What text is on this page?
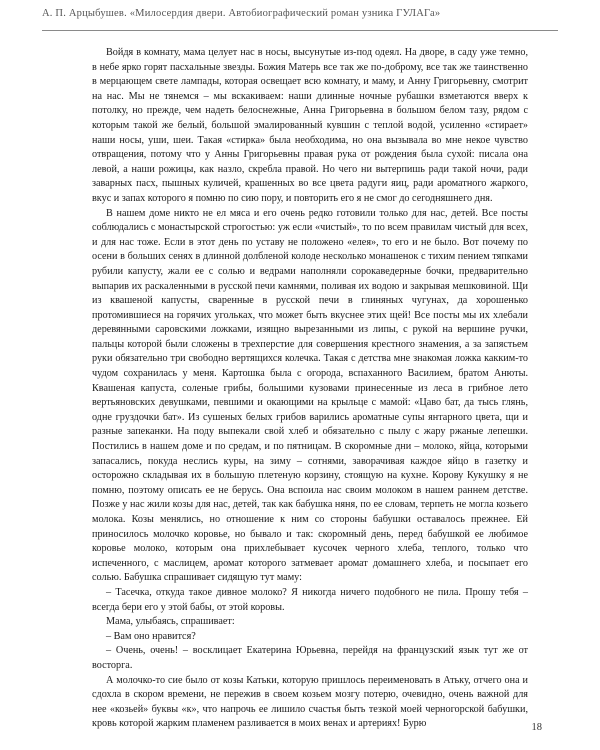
А. П. Арцыбушев. «Милосердия двери. Автобиографический роман узника ГУЛАГа»

Войдя в комнату, мама целует нас в носы, высунутые из-под одеял. На дворе, в саду уже темно, в небе ярко горят пасхальные звезды. Божия Матерь все так же по-доброму, все так же таинственно в мерцающем свете лампады, которая освещает всю комнату, и маму, и Анну Григорьевну, смотрит на нас. Мы не тянемся – мы вскакиваем: наши длинные ночные рубашки взметаются вверх к потолку, но прежде, чем надеть белоснежные, Анна Григорьевна в большом белом тазу, рядом с которым такой же белый, большой эмалированный кувшин с теплой водой, усиленно «стирает» наши носы, уши, шеи. Такая «стирка» была необходима, но она вызывала во мне некое чувство отвращения, потому что у Анны Григорьевны правая рука от рождения была сухой: писала она левой, а наши рожицы, как назло, скребла правой. Но чего ни вытерпишь ради такой ночи, ради заварных пасх, пышных куличей, крашенных во все цвета радуги яиц, ради ароматного жаркого, вкус и запах которого я помню по сию пору, и повторить его я не смог до сегодняшнего дня.

В нашем доме никто не ел мяса и его очень редко готовили только для нас, детей. Все посты соблюдались с монастырской строгостью: уж если «чистый», то по всем правилам чистый для всех, и для нас тоже. Если в этот день по уставу не положено «елея», то его и не было. Вот почему по осени в больших сенях в длинной долбленой колоде несколько монашенок с тихим пением тяпками рубили капусту, жали ее с солью и ведрами наполняли сорокаведерные бочки, предварительно выпарив их раскаленными в русской печи камнями, поливая их водою и закрывая мешковиной. Щи из квашеной капусты, сваренные в русской печи в глиняных чугунах, да хорошенько протомившиеся на горячих угольках, что может быть вкуснее этих щей! Все посты мы их хлебали деревянными саровскими ложками, изящно вырезанными из липы, с рукой на вершине ручки, пальцы которой были сложены в трехперстие для совершения крестного знамения, а за запястьем руки обязательно три свободно вертящихся колечка. Такая с детства мне знакомая ложка какким-то чудом сохранилась у меня. Картошка была с огорода, вспаханного Василием, братом Анюты. Квашеная капуста, соленые грибы, большими кузовами принесенные из леса в грибное лето вертьяновских девушками, певшими и окающими на крыльце с мамой: «Цаво бат, да тысь глянь, одне груздочки бат». Из сушеных белых грибов варились ароматные супы янтарного цвета, щи и разные запеканки. На поду выпекали свой хлеб и обязательно с пылу с жару ржаные лепешки. Постились в нашем доме и по средам, и по пятницам. В скоромные дни – молоко, яйца, которыми запасались, покуда неслись куры, на зиму – сотнями, заворачивая каждое яйцо в газетку и осторожно складывая их в большую плетеную корзину, стоящую на кухне. Корову Кукушку я не помню, поэтому описать ее не берусь. Она вспоила нас своим молоком в нашем раннем детстве. Позже у нас жили козы для нас, детей, так как бабушка няня, по ее словам, терпеть не могла козьего молока. Козы менялись, но отношение к ним со стороны бабушки оставалось прежнее. Ей приносилось молочко коровье, но бывало и так: скоромный день, перед бабушкой ее любимое коровье молоко, которым она прихлебывает кусочек черного хлеба, теплого, только что испеченного, с маслицем, аромат которого затмевает аромат домашнего хлеба, и посыпает его солью. Бабушка спрашивает сидящую тут маму:

– Тасечка, откуда такое дивное молоко? Я никогда ничего подобного не пила. Прошу тебя – всегда бери его у этой бабы, от этой коровы.

Мама, улыбаясь, спрашивает:

– Вам оно нравится?

– Очень, очень! – восклицает Екатерина Юрьевна, перейдя на французский язык тут же от восторга.

А молочко-то сие было от козы Катьки, которую пришлось переименовать в Атьку, отчего она и сдохла в скором времени, не пережив в своем козьем мозгу потерю, очевидно, очень важной для нее «козьей» буквы «к», что напрочь ее лишило счастья быть тезкой моей черногорской бабушки, кровь которой жарким пламенем разливается в моих венах и артериях! Бурю	18
